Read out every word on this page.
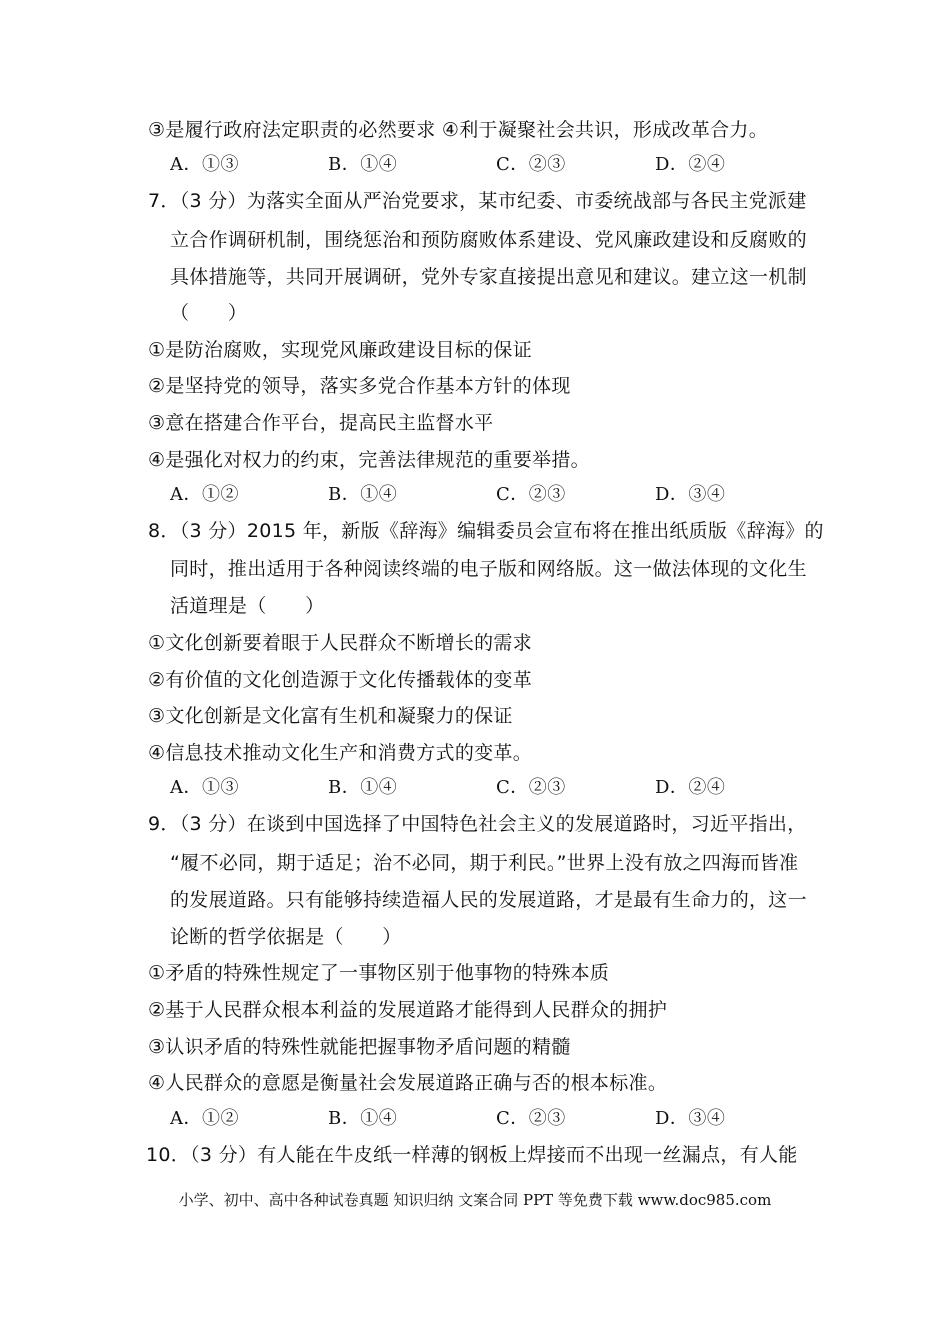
③是履行政府法定职责的必然要求 ④利于凝聚社会共识，形成改革合力。
A．①③	B．①④	C．②③	D．②④
7．（3 分）为落实全面从严治党要求，某市纪委、市委统战部与各民主党派建
立合作调研机制，围绕惩治和预防腐败体系建设、党风廉政建设和反腐败的
具体措施等，共同开展调研，党外专家直接提出意见和建议。建立这一机制
（　　）
①是防治腐败，实现党风廉政建设目标的保证
②是坚持党的领导，落实多党合作基本方针的体现
③意在搭建合作平台，提高民主监督水平
④是强化对权力的约束，完善法律规范的重要举措。
A．①②	B．①④	C．②③	D．③④
8．（3 分）2015 年，新版《辞海》编辑委员会宣布将在推出纸质版《辞海》的
同时，推出适用于各种阅读终端的电子版和网络版。这一做法体现的文化生
活道理是（　　）
①文化创新要着眼于人民群众不断增长的需求
②有价值的文化创造源于文化传播载体的变革
③文化创新是文化富有生机和凝聚力的保证
④信息技术推动文化生产和消费方式的变革。
A．①③	B．①④	C．②③	D．②④
9．（3 分）在谈到中国选择了中国特色社会主义的发展道路时，习近平指出，
“履不必同，期于适足；治不必同，期于利民。”世界上没有放之四海而皆准
的发展道路。只有能够持续造福人民的发展道路，才是最有生命力的，这一
论断的哲学依据是（　　）
①矛盾的特殊性规定了一事物区别于他事物的特殊本质
②基于人民群众根本利益的发展道路才能得到人民群众的拥护
③认识矛盾的特殊性就能把握事物矛盾问题的精髓
④人民群众的意愿是衡量社会发展道路正确与否的根本标准。
A．①②	B．①④	C．②③	D．③④
10．（3 分）有人能在牛皮纸一样薄的钢板上焊接而不出现一丝漏点，有人能
小学、初中、高中各种试卷真题 知识归纳 文案合同 PPT 等免费下载 www.doc985.com
